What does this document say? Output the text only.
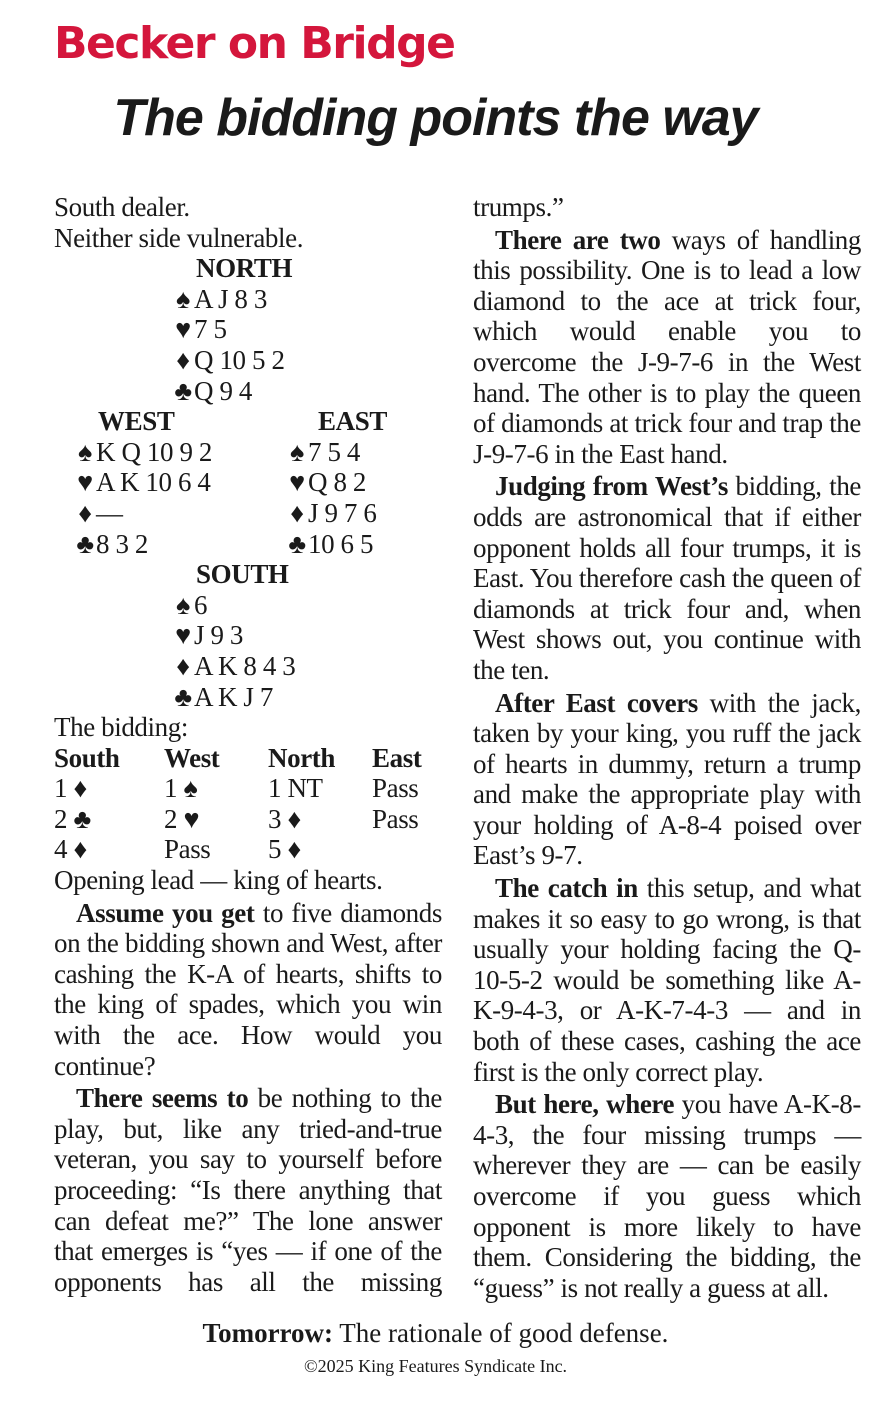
Becker on Bridge
The bidding points the way
South dealer.
Neither side vulnerable.
NORTH
♠ A J 8 3
♥ 7 5
♦ Q 10 5 2
♣Q 9 4
WEST	EAST
♠ K Q 10 9 2	♠ 7 5 4
♥ A K 10 6 4	♥ Q 8 2
♦ —	♦ J 9 7 6
♣8 3 2	♣10 6 5
SOUTH
♠ 6
♥ J 9 3
♦ A K 8 4 3
♣A K J 7
The bidding:
South West North East
1 ♦	1 ♠	1 NT Pass
2 ♣	2 ♥	3 ♦	Pass
4 ♦	Pass 5 ♦
Opening lead — king of hearts.

Assume you get to five diamonds on the bidding shown and West, after cashing the K-A of hearts, shifts to the king of spades, which you win with the ace. How would you continue?

There seems to be nothing to the play, but, like any tried-and-true veteran, you say to yourself before proceeding: “Is there anything that can defeat me?” The lone answer that emerges is “yes — if one of the opponents has all the missing

trumps.”

There are two ways of handling this possibility. One is to lead a low diamond to the ace at trick four, which would enable you to overcome the J-9-7-6 in the West hand. The other is to play the queen of diamonds at trick four and trap the J-9-7-6 in the East hand.

Judging from West’s bidding, the odds are astronomical that if either opponent holds all four trumps, it is East. You therefore cash the queen of diamonds at trick four and, when West shows out, you continue with the ten.

After East covers with the jack, taken by your king, you ruff the jack of hearts in dummy, return a trump and make the appropriate play with your holding of A-8-4 poised over East’s 9-7.

The catch in this setup, and what makes it so easy to go wrong, is that usually your holding facing the Q-10-5-2 would be something like A-K-9-4-3, or A-K-7-4-3 — and in both of these cases, cashing the ace first is the only correct play.

But here, where you have A-K-8-4-3, the four missing trumps — wherever they are — can be easily overcome if you guess which opponent is more likely to have them. Considering the bidding, the “guess” is not really a guess at all.

Tomorrow: The rationale of good defense.
©2025 King Features Syndicate Inc.
